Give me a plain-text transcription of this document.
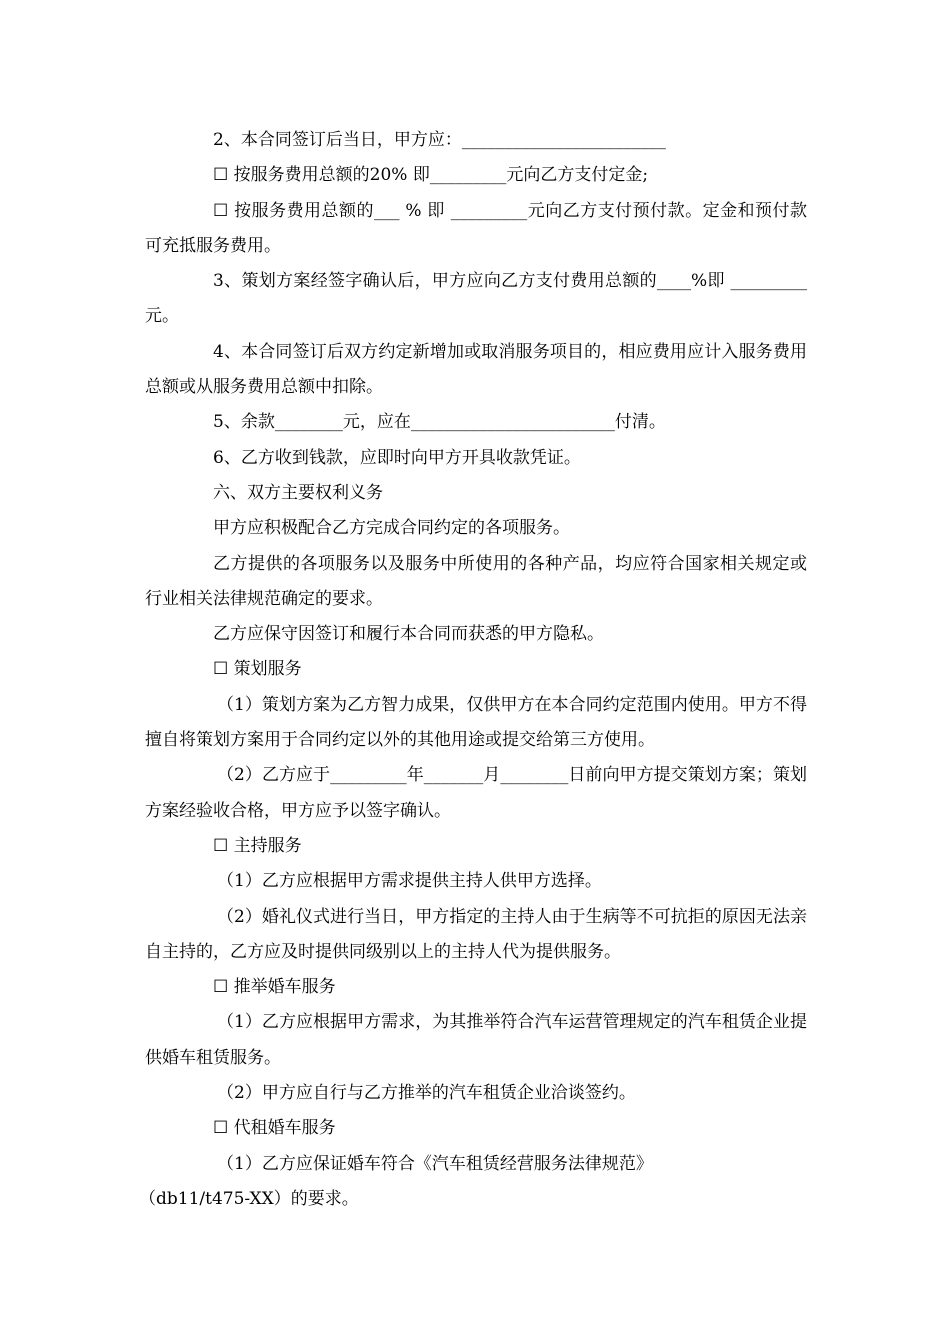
2、本合同签订后当日，甲方应：________________________

☐ 按服务费用总额的20% 即_________元向乙方支付定金;

☐ 按服务费用总额的___ % 即 _________元向乙方支付预付款。定金和预付款可充抵服务费用。

3、策划方案经签字确认后，甲方应向乙方支付费用总额的____%即 _________ 元。

4、本合同签订后双方约定新增加或取消服务项目的，相应费用应计入服务费用总额或从服务费用总额中扣除。

5、余款________元，应在________________________付清。

6、乙方收到钱款，应即时向甲方开具收款凭证。

六、双方主要权利义务

甲方应积极配合乙方完成合同约定的各项服务。

乙方提供的各项服务以及服务中所使用的各种产品，均应符合国家相关规定或行业相关法律规范确定的要求。

乙方应保守因签订和履行本合同而获悉的甲方隐私。

☐ 策划服务

（1）策划方案为乙方智力成果，仅供甲方在本合同约定范围内使用。甲方不得擅自将策划方案用于合同约定以外的其他用途或提交给第三方使用。

（2）乙方应于_________年_______月________日前向甲方提交策划方案；策划方案经验收合格，甲方应予以签字确认。

☐ 主持服务

（1）乙方应根据甲方需求提供主持人供甲方选择。

（2）婚礼仪式进行当日，甲方指定的主持人由于生病等不可抗拒的原因无法亲自主持的，乙方应及时提供同级别以上的主持人代为提供服务。

☐ 推举婚车服务

（1）乙方应根据甲方需求，为其推举符合汽车运营管理规定的汽车租赁企业提供婚车租赁服务。

（2）甲方应自行与乙方推举的汽车租赁企业洽谈签约。

☐ 代租婚车服务

（1）乙方应保证婚车符合《汽车租赁经营服务法律规范》

（db11/t475-XX）的要求。
